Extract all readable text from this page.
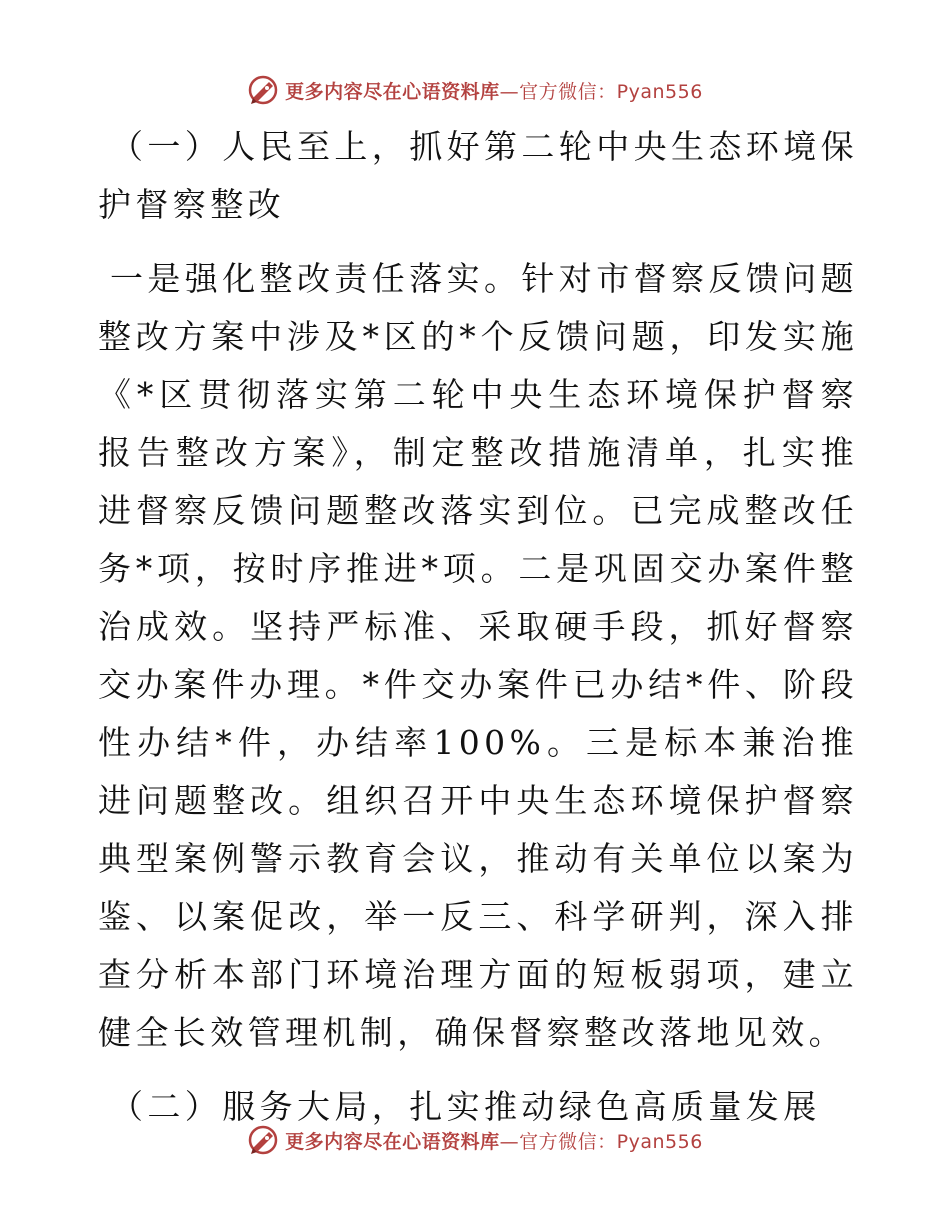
更多内容尽在心语资料库—官方微信：Pyan556
（一）人民至上，抓好第二轮中央生态环境保护督察整改

一是强化整改责任落实。针对市督察反馈问题整改方案中涉及*区的*个反馈问题，印发实施《*区贯彻落实第二轮中央生态环境保护督察报告整改方案》，制定整改措施清单，扎实推进督察反馈问题整改落实到位。已完成整改任务*项，按时序推进*项。二是巩固交办案件整治成效。坚持严标准、采取硬手段，抓好督察交办案件办理。*件交办案件已办结*件、阶段性办结*件，办结率100%。三是标本兼治推进问题整改。组织召开中央生态环境保护督察典型案例警示教育会议，推动有关单位以案为鉴、以案促改，举一反三、科学研判，深入排查分析本部门环境治理方面的短板弱项，建立健全长效管理机制，确保督察整改落地见效。

（二）服务大局，扎实推动绿色高质量发展
更多内容尽在心语资料库—官方微信：Pyan556
